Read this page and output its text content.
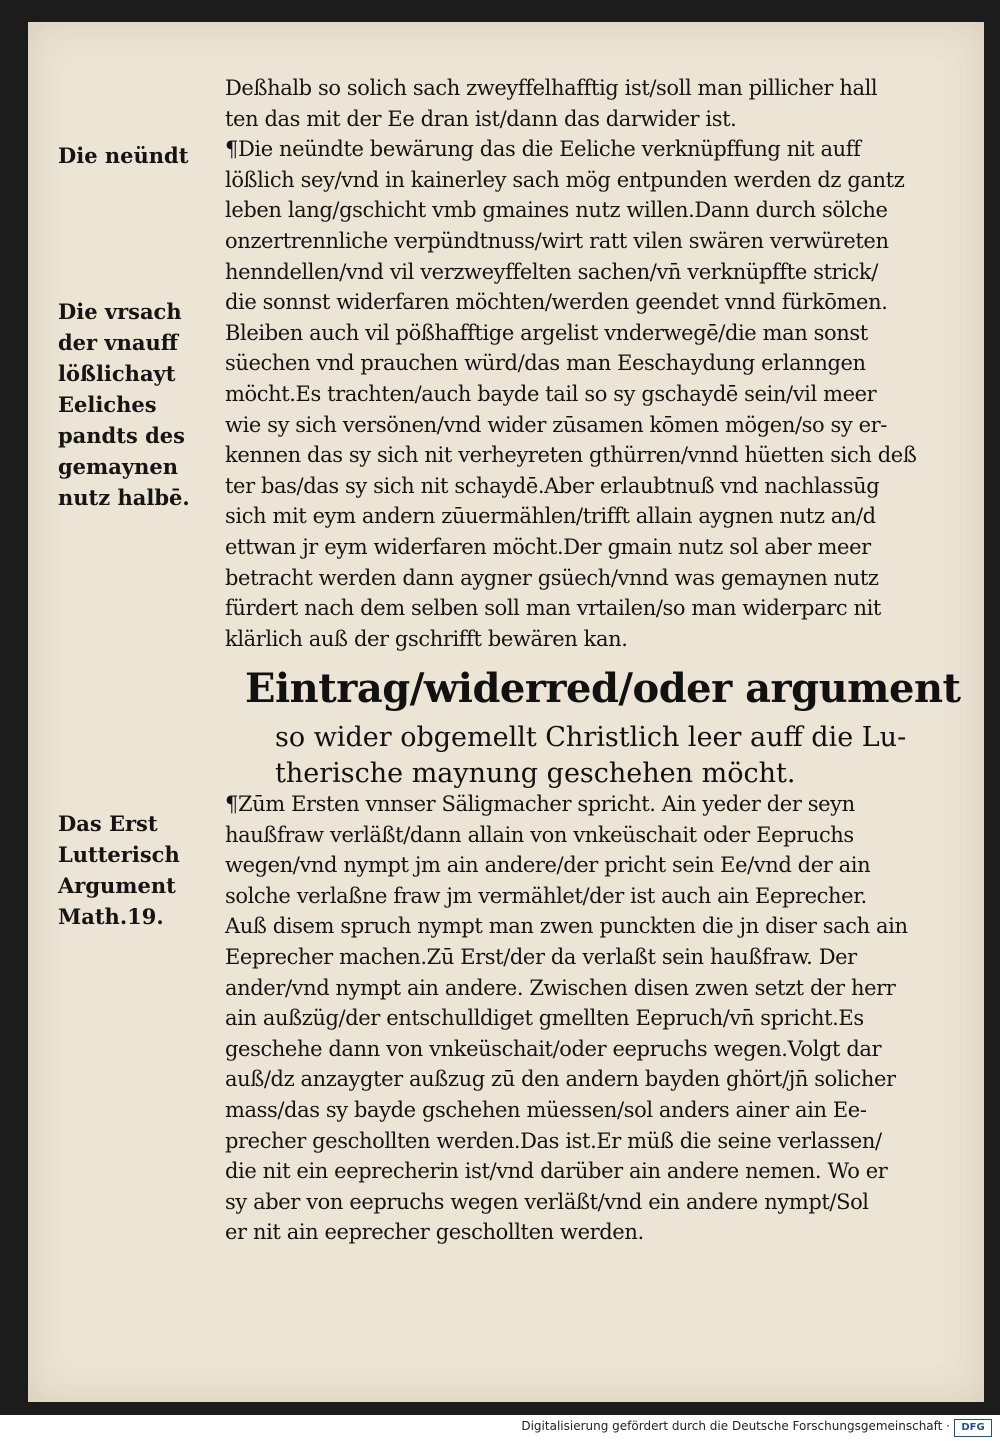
Die neündt
Die vrsach
der vnauff
lößlichayt
Eeliches
pandts des
gemaynen
nutz halbē.
Das Erst
Lutterisch
Argument
Math.19.
Deßhalb so solich sach zweyffelhafftig ist/soll man pillicher hall
ten das mit der Ee dran ist/dann das darwider ist.
¶Die neündte bewärung das die Eeliche verknüpffung nit auff
lößlich sey/vnd in kainerley sach mög entpunden werden dz gantz
leben lang/gschicht vmb gmaines nutz willen.Dann durch sölche
onzertrennliche verpündtnuss/wirt ratt vilen swären verwüreten
henndellen/vnd vil verzweyffelten sachen/vn̄ verknüpffte strick/
die sonnst widerfaren möchten/werden geendet vnnd fürkōmen.
Bleiben auch vil pößhafftige argelist vnderwegē/die man sonst
süechen vnd prauchen würd/das man Eeschaydung erlanngen
möcht.Es trachten/auch bayde tail so sy gschaydē sein/vil meer
wie sy sich versönen/vnd wider zūsamen kōmen mögen/so sy er-
kennen das sy sich nit verheyreten gthürren/vnnd hüetten sich deß
ter bas/das sy sich nit schaydē.Aber erlaubtnuß vnd nachlassūg
sich mit eym andern zūuermählen/trifft allain aygnen nutz an/d
ettwan jr eym widerfaren möcht.Der gmain nutz sol aber meer
betracht werden dann aygner gsüech/vnnd was gemaynen nutz
fürdert nach dem selben soll man vrtailen/so man widerparc nit
klärlich auß der gschrifft bewären kan.
Eintrag/widerred/oder argument
so wider obgemellt Christlich leer auff die Lu-
therische maynung geschehen möcht.
¶Zūm Ersten vnnser Säligmacher spricht. Ain yeder der seyn
haußfraw verläßt/dann allain von vnkeüschait oder Eepruchs
wegen/vnd nympt jm ain andere/der pricht sein Ee/vnd der ain
solche verlaßne fraw jm vermählet/der ist auch ain Eeprecher.
Auß disem spruch nympt man zwen punckten die jn diser sach ain
Eeprecher machen.Zū Erst/der da verlaßt sein haußfraw. Der
ander/vnd nympt ain andere. Zwischen disen zwen setzt der herr
ain außzüg/der entschulldiget gmellten Eepruch/vn̄ spricht.Es
geschehe dann von vnkeüschait/oder eepruchs wegen.Volgt dar
auß/dz anzaygter außzug zū den andern bayden ghört/jn̄ solicher
mass/das sy bayde gschehen müessen/sol anders ainer ain Ee-
precher geschollten werden.Das ist.Er müß die seine verlassen/
die nit ein eeprecherin ist/vnd darüber ain andere nemen. Wo er
sy aber von eepruchs wegen verläßt/vnd ein andere nympt/Sol
er nit ain eeprecher geschollten werden.
Digitalisierung gefördert durch die Deutsche Forschungsgemeinschaft ·	DFG
